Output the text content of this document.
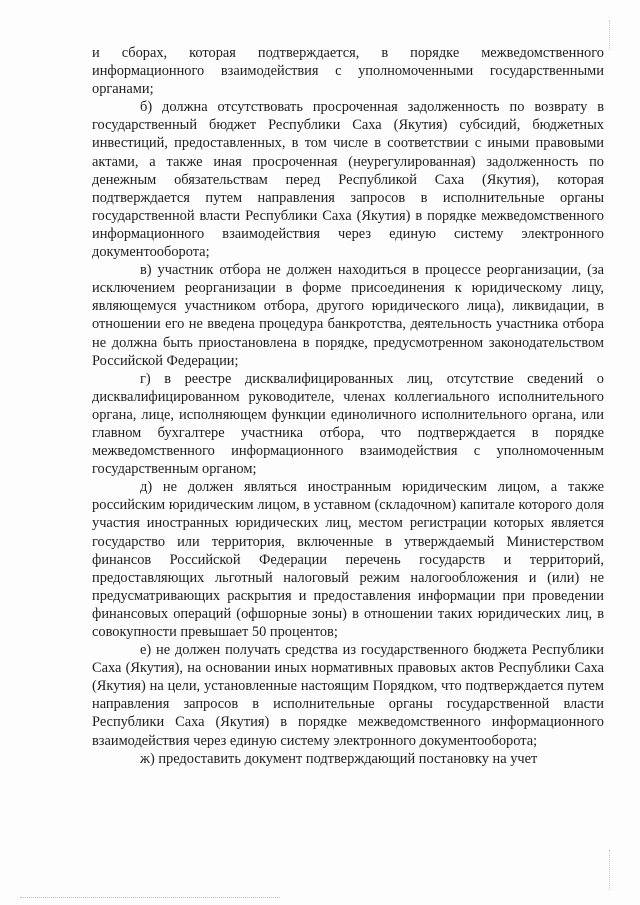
и сборах, которая подтверждается, в порядке межведомственного информационного взаимодействия с уполномоченными государственными органами;

б) должна отсутствовать просроченная задолженность по возврату в государственный бюджет Республики Саха (Якутия) субсидий, бюджетных инвестиций, предоставленных, в том числе в соответствии с иными правовыми актами, а также иная просроченная (неурегулированная) задолженность по денежным обязательствам перед Республикой Саха (Якутия), которая подтверждается путем направления запросов в исполнительные органы государственной власти Республики Саха (Якутия) в порядке межведомственного информационного взаимодействия через единую систему электронного документооборота;

в) участник отбора не должен находиться в процессе реорганизации, (за исключением реорганизации в форме присоединения к юридическому лицу, являющемуся участником отбора, другого юридического лица), ликвидации, в отношении его не введена процедура банкротства, деятельность участника отбора не должна быть приостановлена в порядке, предусмотренном законодательством Российской Федерации;

г) в реестре дисквалифицированных лиц, отсутствие сведений о дисквалифицированном руководителе, членах коллегиального исполнительного органа, лице, исполняющем функции единоличного исполнительного органа, или главном бухгалтере участника отбора, что подтверждается в порядке межведомственного информационного взаимодействия с уполномоченным государственным органом;

д) не должен являться иностранным юридическим лицом, а также российским юридическим лицом, в уставном (складочном) капитале которого доля участия иностранных юридических лиц, местом регистрации которых является государство или территория, включенные в утверждаемый Министерством финансов Российской Федерации перечень государств и территорий, предоставляющих льготный налоговый режим налогообложения и (или) не предусматривающих раскрытия и предоставления информации при проведении финансовых операций (офшорные зоны) в отношении таких юридических лиц, в совокупности превышает 50 процентов;

е) не должен получать средства из государственного бюджета Республики Саха (Якутия), на основании иных нормативных правовых актов Республики Саха (Якутия) на цели, установленные настоящим Порядком, что подтверждается путем направления запросов в исполнительные органы государственной власти Республики Саха (Якутия) в порядке межведомственного информационного взаимодействия через единую систему электронного документооборота;

ж) предоставить документ подтверждающий постановку на учет
